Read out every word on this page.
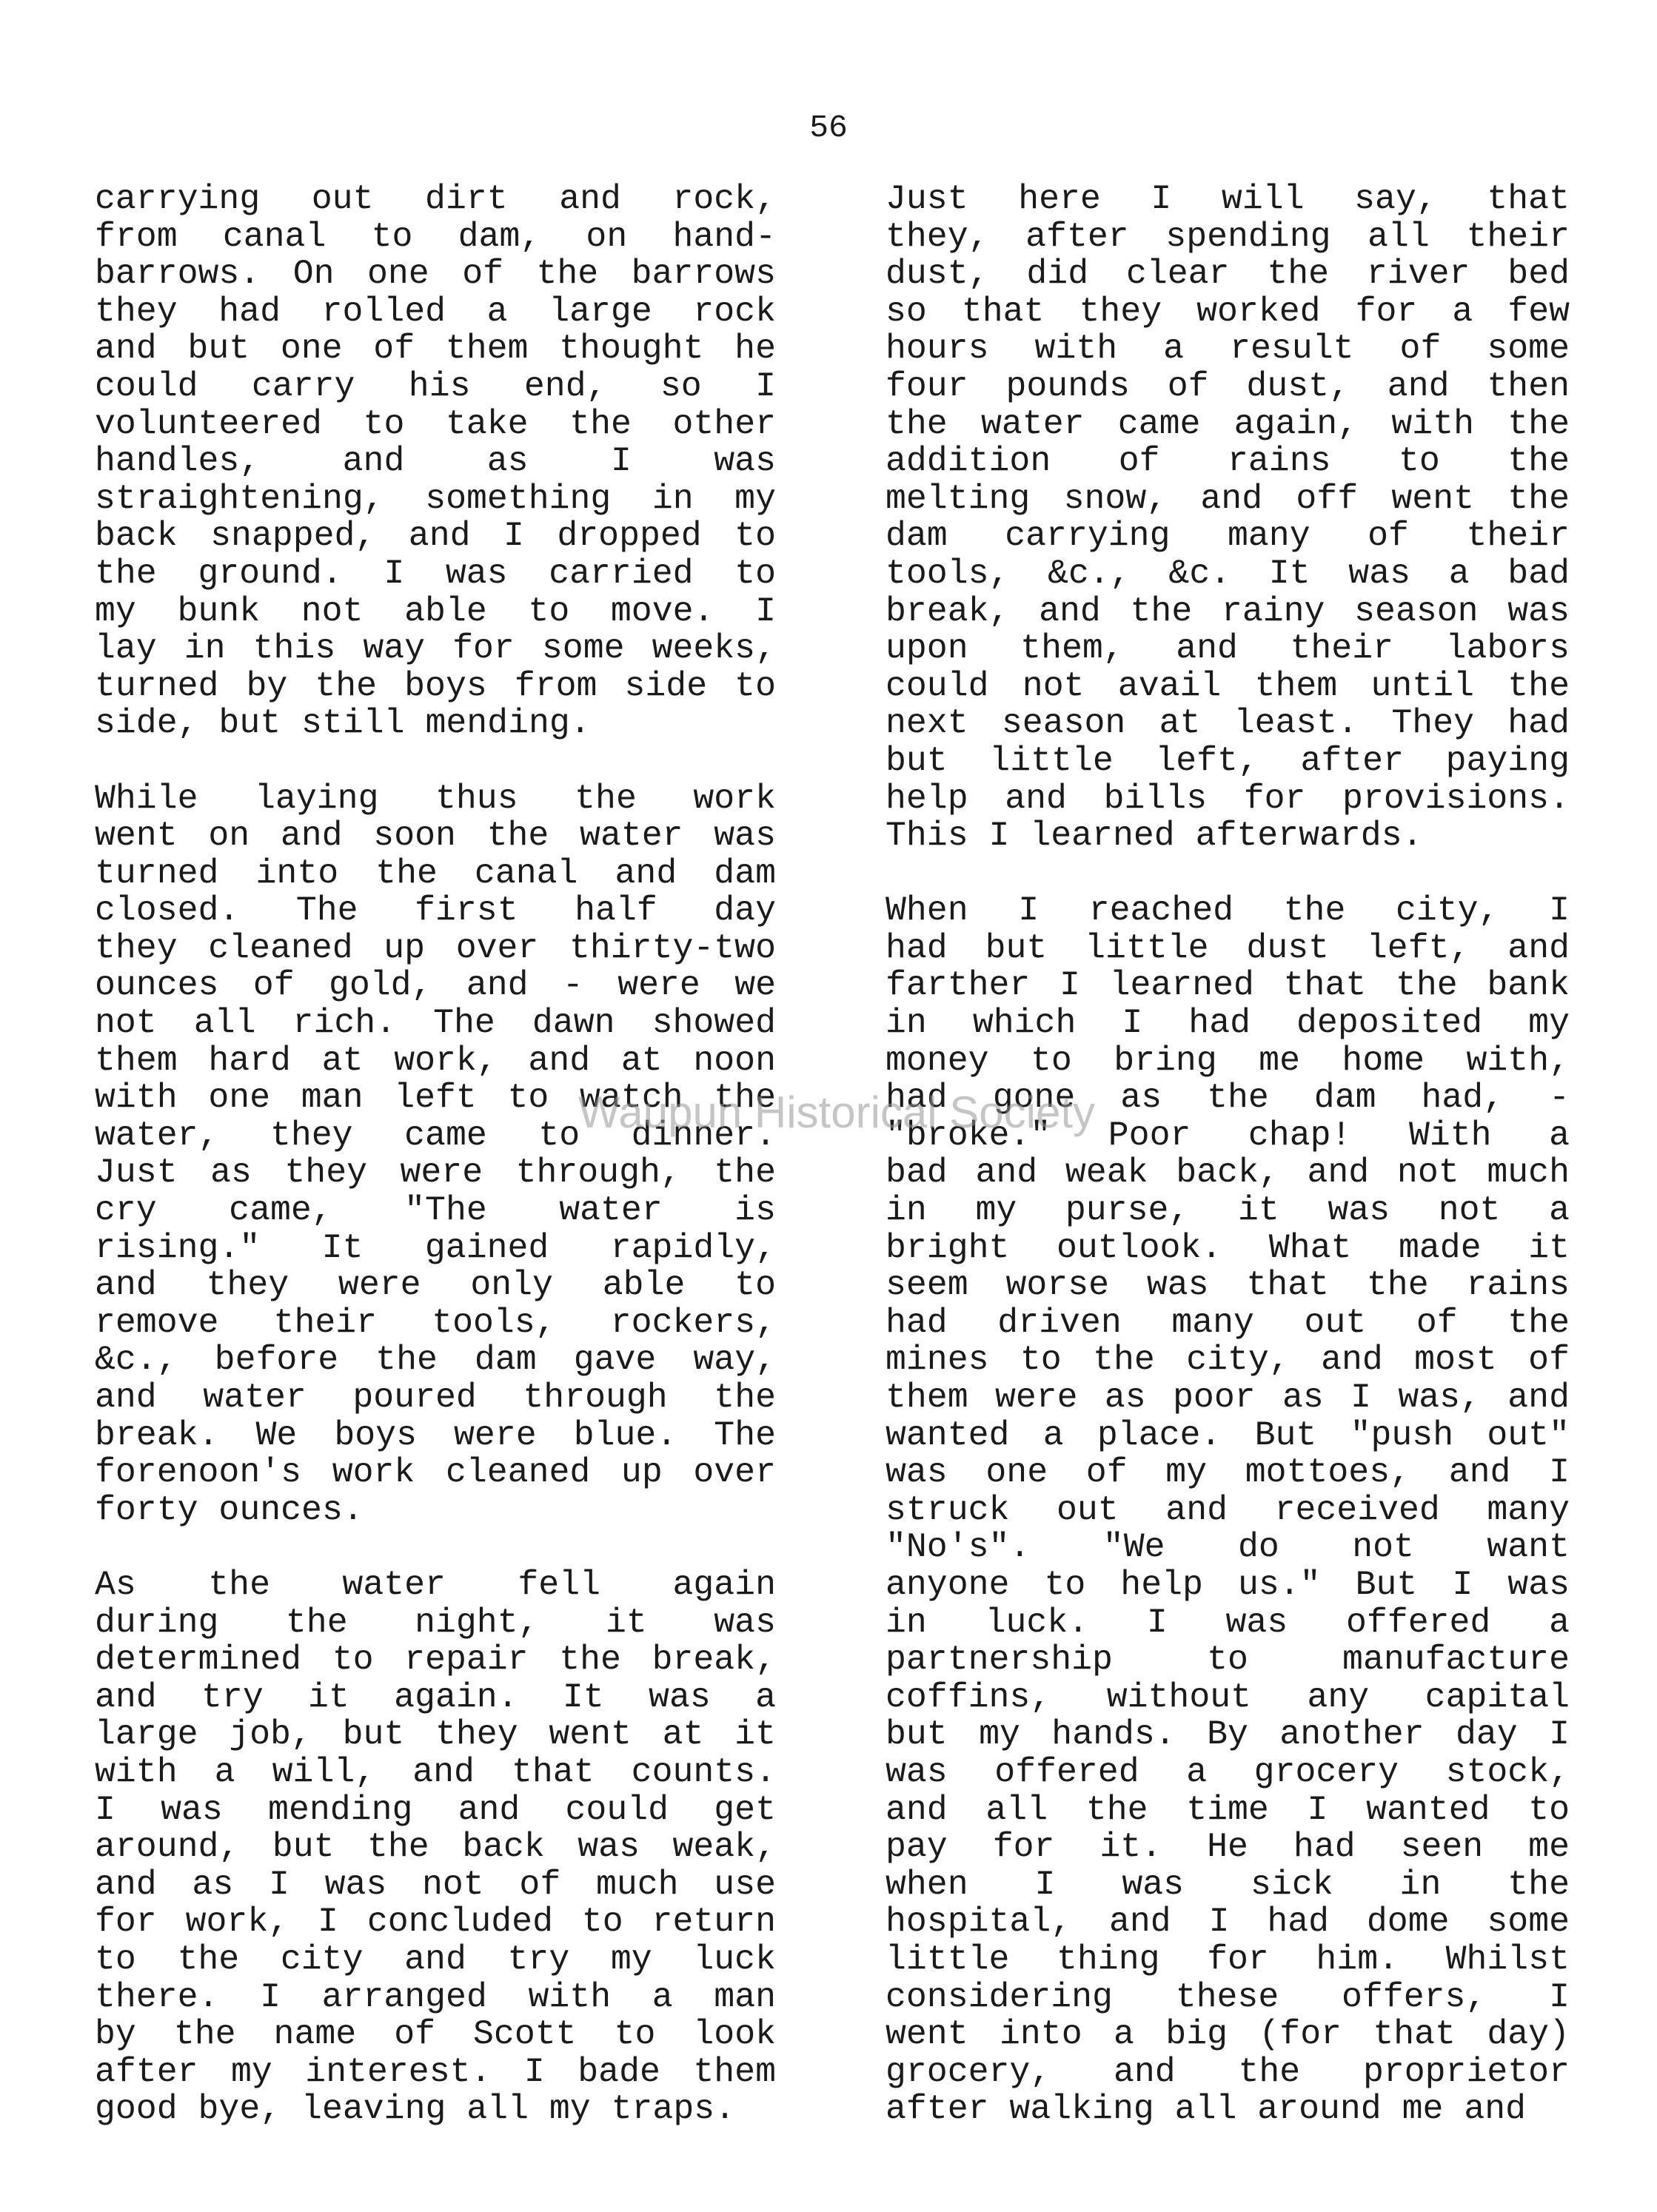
56
carrying out dirt and rock,
from canal to dam, on hand-
barrows. On one of the barrows
they had rolled a large rock
and but one of them thought he
could carry his end, so I
volunteered to take the other
handles, and as I was
straightening, something in my
back snapped, and I dropped to
the ground. I was carried to
my bunk not able to move. I
lay in this way for some weeks,
turned by the boys from side to
side, but still mending.
While laying thus the work
went on and soon the water was
turned into the canal and dam
closed. The first half day
they cleaned up over thirty-two
ounces of gold, and - were we
not all rich. The dawn showed
them hard at work, and at noon
with one man left to watch the
water, they came to dinner.
Just as they were through, the
cry came, "The water is
rising." It gained rapidly,
and they were only able to
remove their tools, rockers,
&c., before the dam gave way,
and water poured through the
break. We boys were blue. The
forenoon's work cleaned up over
forty ounces.
As the water fell again
during the night, it was
determined to repair the break,
and try it again. It was a
large job, but they went at it
with a will, and that counts.
I was mending and could get
around, but the back was weak,
and as I was not of much use
for work, I concluded to return
to the city and try my luck
there. I arranged with a man
by the name of Scott to look
after my interest. I bade them
good bye, leaving all my traps.
Just here I will say, that
they, after spending all their
dust, did clear the river bed
so that they worked for a few
hours with a result of some
four pounds of dust, and then
the water came again, with the
addition of rains to the
melting snow, and off went the
dam carrying many of their
tools, &c., &c. It was a bad
break, and the rainy season was
upon them, and their labors
could not avail them until the
next season at least. They had
but little left, after paying
help and bills for provisions.
This I learned afterwards.
When I reached the city, I
had but little dust left, and
farther I learned that the bank
in which I had deposited my
money to bring me home with,
had gone as the dam had, -
"broke." Poor chap! With a
bad and weak back, and not much
in my purse, it was not a
bright outlook. What made it
seem worse was that the rains
had driven many out of the
mines to the city, and most of
them were as poor as I was, and
wanted a place. But "push out"
was one of my mottoes, and I
struck out and received many
"No's". "We do not want
anyone to help us." But I was
in luck. I was offered a
partnership to manufacture
coffins, without any capital
but my hands. By another day I
was offered a grocery stock,
and all the time I wanted to
pay for it. He had seen me
when I was sick in the
hospital, and I had dome some
little thing for him. Whilst
considering these offers, I
went into a big (for that day)
grocery, and the proprietor
after walking all around me and
Waupun Historical Society
